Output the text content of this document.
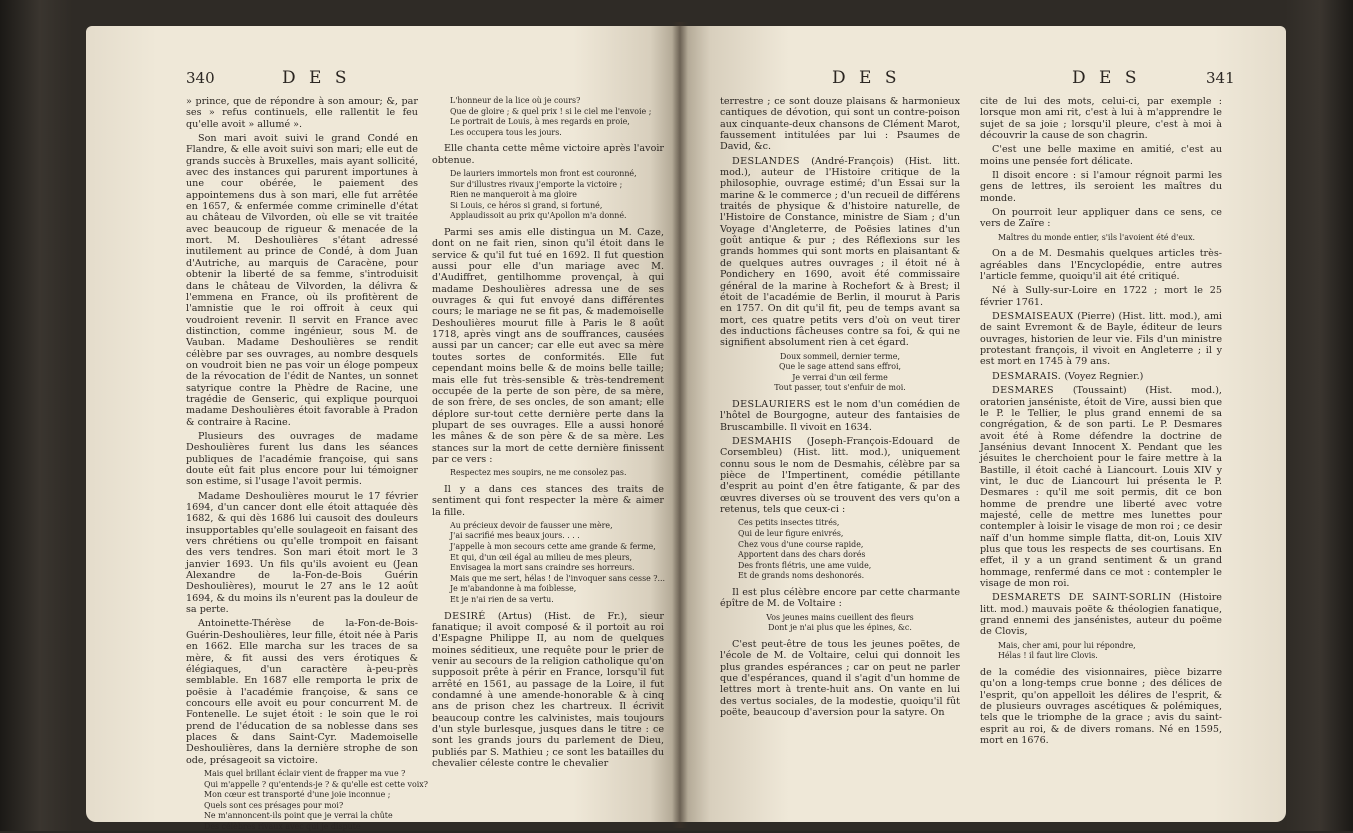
340	D E S

» prince, que de répondre à son amour; &, par ses » refus continuels, elle rallentit le feu qu'elle avoit » allumé ».

Son mari avoit suivi le grand Condé en Flandre, & elle avoit suivi son mari; elle eut de grands succès à Bruxelles, mais ayant sollicité, avec des instances qui parurent importunes à une cour obérée, le paiement des appointemens dus à son mari, elle fut arrêtée en 1657, & enfermée comme criminelle d'état au château de Vilvorden, où elle se vit traitée avec beaucoup de rigueur & menacée de la mort. M. Deshoulières s'étant adressé inutilement au prince de Condé, à dom Juan d'Autriche, au marquis de Caracène, pour obtenir la liberté de sa femme, s'introduisit dans le château de Vilvorden, la délivra & l'emmena en France, où ils profitèrent de l'amnistie que le roi offroit à ceux qui voudroient revenir. Il servit en France avec distinction, comme ingénieur, sous M. de Vauban. Madame Deshoulières se rendit célèbre par ses ouvrages, au nombre desquels on voudroit bien ne pas voir un éloge pompeux de la révocation de l'édit de Nantes, un sonnet satyrique contre la Phèdre de Racine, une tragédie de Genseric, qui explique pourquoi madame Deshoulières étoit favorable à Pradon & contraire à Racine.

Plusieurs des ouvrages de madame Deshoulières furent lus dans les séances publiques de l'académie françoise, qui sans doute eût fait plus encore pour lui témoigner son estime, si l'usage l'avoit permis.

Madame Deshoulières mourut le 17 février 1694, d'un cancer dont elle étoit attaquée dès 1682, & qui dès 1686 lui causoit des douleurs insupportables qu'elle soulageoit en faisant des vers chrétiens ou qu'elle trompoit en faisant des vers tendres. Son mari étoit mort le 3 janvier 1693. Un fils qu'ils avoient eu (Jean Alexandre de la-Fon-de-Bois Guérin Deshoulières), mourut le 27 ans le 12 août 1694, & du moins ils n'eurent pas la douleur de sa perte.

Antoinette-Thérèse de la-Fon-de-Bois-Guérin-Deshoulières, leur fille, étoit née à Paris en 1662. Elle marcha sur les traces de sa mère, & fit aussi des vers érotiques & élégiaques, d'un caractère à-peu-près semblable. En 1687 elle remporta le prix de poësie à l'académie françoise, & sans ce concours elle avoit eu pour concurrent M. de Fontenelle. Le sujet étoit : le soin que le roi prend de l'éducation de sa noblesse dans ses places & dans Saint-Cyr. Mademoiselle Deshoulières, dans la dernière strophe de son ode, présageoit sa victoire.

Mais quel brillant éclair vient de frapper ma vue ?
Qui m'appelle ? qu'entends-je ? & qu'elle est cette voix?
Mon cœur est transporté d'une joie inconnue ;
Quels sont ces présages pour moi?
Ne m'annoncent-ils point que je verrai la chûte
Des célèbres rivaux avec qui je dispute
L'honneur de la lice où je cours?
Que de gloire ; & quel prix ! si le ciel me l'envoie ;
Le portrait de Louis, à mes regards en proie,
Les occupera tous les jours.

Elle chanta cette même victoire après l'avoir obtenue.

De lauriers immortels mon front est couronné,
Sur d'illustres rivaux j'emporte la victoire ;
Rien ne manqueroit à ma gloire
Si Louis, ce héros si grand, si fortuné,
Applaudissoit au prix qu'Apollon m'a donné.

Parmi ses amis elle distingua un M. Caze, dont on ne fait rien, sinon qu'il étoit dans le service & qu'il fut tué en 1692. Il fut question aussi pour elle d'un mariage avec M. d'Audiffret, gentilhomme provençal, à qui madame Deshoulières adressa une de ses ouvrages & qui fut envoyé dans différentes cours; le mariage ne se fit pas, & mademoiselle Deshoulières mourut fille à Paris le 8 août 1718, après vingt ans de souffrances, causées aussi par un cancer; car elle eut avec sa mère toutes sortes de conformités. Elle fut cependant moins belle & de moins belle taille; mais elle fut très-sensible & très-tendrement occupée de la perte de son père, de sa mère, de son frère, de ses oncles, de son amant; elle déplore sur-tout cette dernière perte dans la plupart de ses ouvrages. Elle a aussi honoré les mânes & de son père & de sa mère. Les stances sur la mort de cette dernière finissent par ce vers :

Respectez mes soupirs, ne me consolez pas.

Il y a dans ces stances des traits de sentiment qui font respecter la mère & aimer la fille.

Au précieux devoir de fausser une mère,
J'ai sacrifié mes beaux jours. . . .
J'appelle à mon secours cette ame grande & ferme,
Et qui, d'un œil égal au milieu de mes pleurs,
Envisagea la mort sans craindre ses horreurs.
Mais que me sert, hélas ! de l'invoquer sans cesse ?...
Je m'abandonne à ma foiblesse,
Et je n'ai rien de sa vertu.

DESIRÉ (Artus) (Hist. de Fr.), sieur fanatique; il avoit composé & il portoit au roi d'Espagne Philippe II, au nom de quelques moines séditieux, une requête pour le prier de venir au secours de la religion catholique qu'on supposoit prête à périr en France, lorsqu'il fut arrêté en 1561, au passage de la Loire, il fut condamné à une amende-honorable & à cinq ans de prison chez les chartreux. Il écrivit beaucoup contre les calvinistes, mais toujours d'un style burlesque, jusques dans le titre : ce sont les grands jours du parlement de Dieu, publiés par S. Mathieu ; ce sont les batailles du chevalier céleste contre le chevalier

D E S	D E S	341

terrestre ; ce sont douze plaisans & harmonieux cantiques de dévotion, qui sont un contre-poison aux cinquante-deux chansons de Clément Marot, faussement intitulées par lui : Psaumes de David, &c.

DESLANDES (André-François) (Hist. litt. mod.), auteur de l'Histoire critique de la philosophie, ouvrage estimé; d'un Essai sur la marine & le commerce ; d'un recueil de différens traités de physique & d'histoire naturelle, de l'Histoire de Constance, ministre de Siam ; d'un Voyage d'Angleterre, de Poësies latines d'un goût antique & pur ; des Réflexions sur les grands hommes qui sont morts en plaisantant & de quelques autres ouvrages ; il étoit né à Pondichery en 1690, avoit été commissaire général de la marine à Rochefort & à Brest; il étoit de l'académie de Berlin, il mourut à Paris en 1757. On dit qu'il fit, peu de temps avant sa mort, ces quatre petits vers d'où on veut tirer des inductions fâcheuses contre sa foi, & qui ne signifient absolument rien à cet égard.

Doux sommeil, dernier terme,
Que le sage attend sans effroi,
Je verrai d'un œil ferme
Tout passer, tout s'enfuir de moi.

DESLAURIERS est le nom d'un comédien de l'hôtel de Bourgogne, auteur des fantaisies de Bruscambille. Il vivoit en 1634.

DESMAHIS (Joseph-François-Edouard de Corsembleu) (Hist. litt. mod.), uniquement connu sous le nom de Desmahis, célèbre par sa pièce de l'Impertinent, comédie pétillante d'esprit au point d'en être fatigante, & par des œuvres diverses où se trouvent des vers qu'on a retenus, tels que ceux-ci :

Ces petits insectes titrés,
Qui de leur figure enivrés,
Chez vous d'une course rapide,
Apportent dans des chars dorés
Des fronts flétris, une ame vuide,
Et de grands noms deshonorés.

Il est plus célèbre encore par cette charmante épître de M. de Voltaire :

Vos jeunes mains cueillent des fleurs
Dont je n'ai plus que les épines, &c.

C'est peut-être de tous les jeunes poëtes, de l'école de M. de Voltaire, celui qui donnoit les plus grandes espérances ; car on peut ne parler que d'espérances, quand il s'agit d'un homme de lettres mort à trente-huit ans. On vante en lui des vertus sociales, de la modestie, quoiqu'il fût poëte, beaucoup d'aversion pour la satyre. On

cite de lui des mots, celui-ci, par exemple : lorsque mon ami rit, c'est à lui à m'apprendre le sujet de sa joie ; lorsqu'il pleure, c'est à moi à découvrir la cause de son chagrin.

C'est une belle maxime en amitié, c'est au moins une pensée fort délicate.

Il disoit encore : si l'amour régnoit parmi les gens de lettres, ils seroient les maîtres du monde.

On pourroit leur appliquer dans ce sens, ce vers de Zaïre :

Maîtres du monde entier, s'ils l'avoient été d'eux.

On a de M. Desmahis quelques articles très-agréables dans l'Encyclopédie, entre autres l'article femme, quoiqu'il ait été critiqué.

Né à Sully-sur-Loire en 1722 ; mort le 25 février 1761.

DESMAISEAUX (Pierre) (Hist. litt. mod.), ami de saint Evremont & de Bayle, éditeur de leurs ouvrages, historien de leur vie. Fils d'un ministre protestant françois, il vivoit en Angleterre ; il y est mort en 1745 à 79 ans.

DESMARAIS. (Voyez Regnier.)

DESMARES (Toussaint) (Hist. mod.), oratorien janséniste, étoit de Vire, aussi bien que le P. le Tellier, le plus grand ennemi de sa congrégation, & de son parti. Le P. Desmares avoit été à Rome défendre la doctrine de Jansénius devant Innocent X. Pendant que les jésuites le cherchoient pour le faire mettre à la Bastille, il étoit caché à Liancourt. Louis XIV y vint, le duc de Liancourt lui présenta le P. Desmares : qu'il me soit permis, dit ce bon homme de prendre une liberté avec votre majesté, celle de mettre mes lunettes pour contempler à loisir le visage de mon roi ; ce desir naïf d'un homme simple flatta, dit-on, Louis XIV plus que tous les respects de ses courtisans. En effet, il y a un grand sentiment & un grand hommage, renfermé dans ce mot : contempler le visage de mon roi.

DESMARETS DE SAINT-SORLIN (Histoire litt. mod.) mauvais poëte & théologien fanatique, grand ennemi des jansénistes, auteur du poëme de Clovis,

Mais, cher ami, pour lui répondre,
Hélas ! il faut lire Clovis.

de la comédie des visionnaires, pièce bizarre qu'on a long-temps crue bonne ; des délices de l'esprit, qu'on appelloit les délires de l'esprit, & de plusieurs ouvrages ascétiques & polémiques, tels que le triomphe de la grace ; avis du saint-esprit au roi, & de divers romans. Né en 1595, mort en 1676.
